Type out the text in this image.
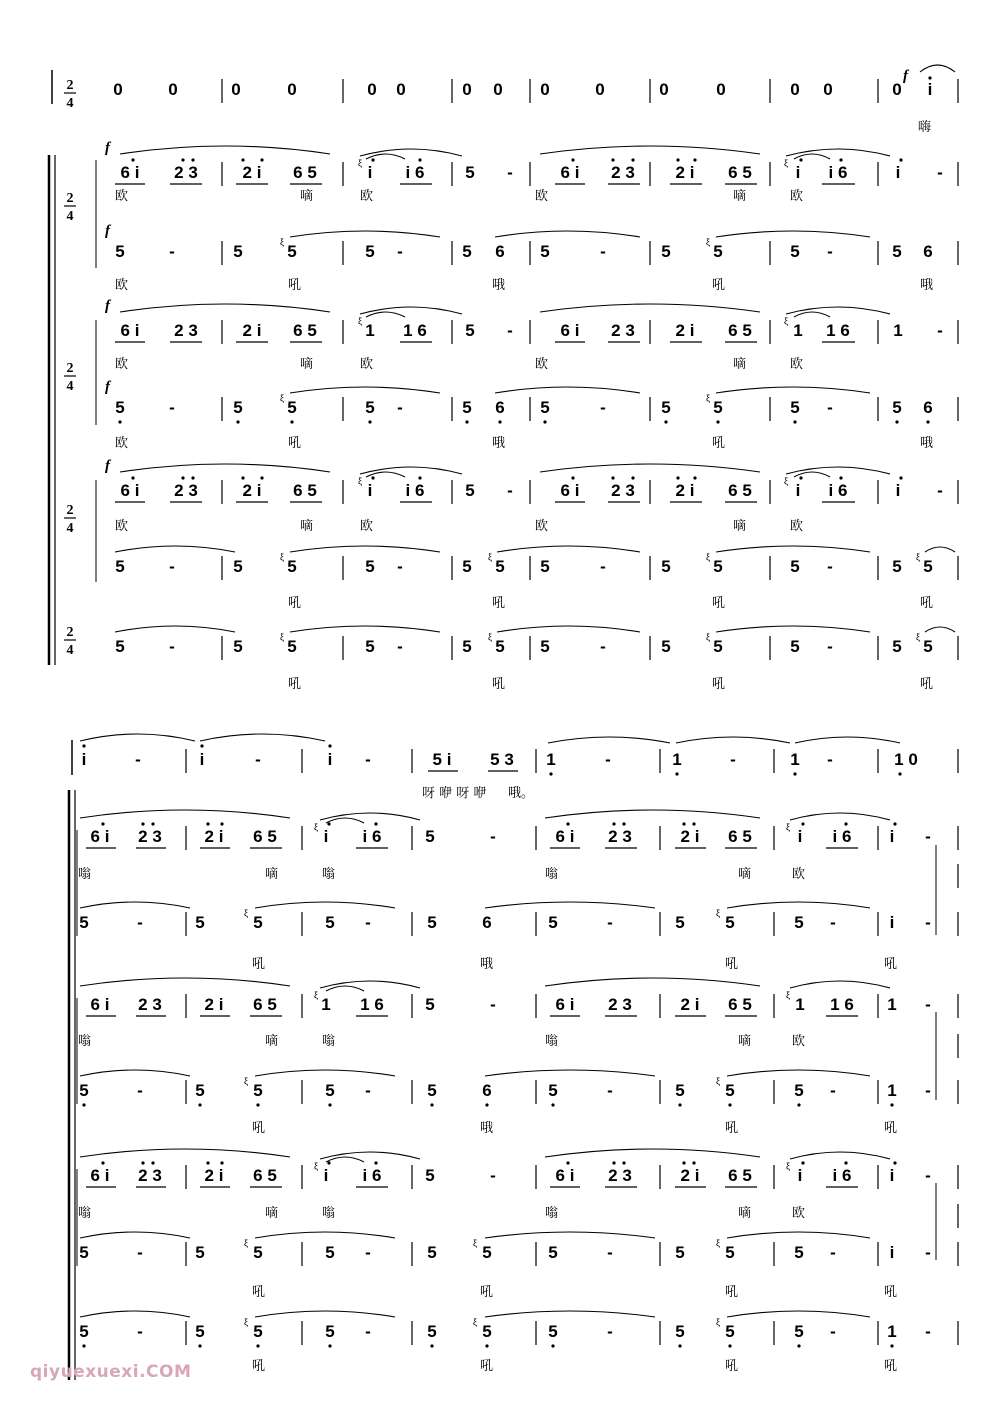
2
4
0	0	0	0	0 0	0 0 0	0	0	0	0 0	0
f
i
嗨
2
4
6 i 2 3	2 i 6 5	ξ i i 6 5 -	6 i 2 3 2 i 6 5	ξ i i 6	i -
f
欧	嘀	欧	欧	嘀	欧
5	-	5	ξ 5	5 -	5 6 5	-	5	ξ 5	5 -	5 6
f
欧	吼	哦	吼	哦
2
4
6 i 2 3	2 i 6 5	ξ 1 1 6 5 -	6 i 2 3 2 i 6 5	ξ 1 1 6	1 -
f
欧	嘀	欧	欧	嘀	欧
5	-	5	ξ 5	5 -	5 6 5	-	5	ξ 5	5 -	5 6
f
欧	吼	哦	吼	哦
2
4
6 i 2 3	2 i 6 5	ξ i i 6 5 -	6 i 2 3 2 i 6 5	ξ i i 6	i -
f
欧	嘀	欧	欧	嘀	欧
5	-	5	ξ 5	5 -	5 ξ 5 5	-	5	ξ 5	5 -	5 ξ 5
吼	吼	吼	吼
2
4 5	-	5	ξ 5	5 -	5 ξ 5 5	-	5	ξ 5	5 -	5 ξ 5
吼	吼	吼	吼
i	-	i	-	i -	5 i 5 3 1	-	1	-	1 -	1 0
呀 咿 呀 咿 哦。
6 i 2 3	2 i 6 5	ξ i i 6	5	-	6 i 2 3	2 i 6 5	ξ i i 6 i -
嗡	嘀	嗡	嗡	嘀	欧
5	-	5	ξ 5	5 -	5	6	5	-	5	ξ 5	5 -	i -
吼	哦	吼	吼
6 i 2 3	2 i 6 5	ξ 1 1 6 5	-	6 i 2 3	2 i 6 5	ξ 1 1 6 1 -
嗡	嘀	嗡	嗡	嘀	欧
5	-	5	ξ 5	5 -	5	6	5	-	5	ξ 5	5 -	1 -
吼	哦	吼	吼
6 i 2 3	2 i 6 5	ξ i i 6	5	-	6 i 2 3	2 i 6 5	ξ i i 6 i -
嗡	嘀	嗡	嗡	嘀	欧
5	-	5	ξ 5	5 -	5	ξ 5	5	-	5	ξ 5	5 -	i -
吼	吼	吼	吼
5	-	5	ξ 5	5 -	5	ξ 5	5	-	5	ξ 5	5 -	1 -
吼	吼	吼	吼
qiyuexuexi.COM
